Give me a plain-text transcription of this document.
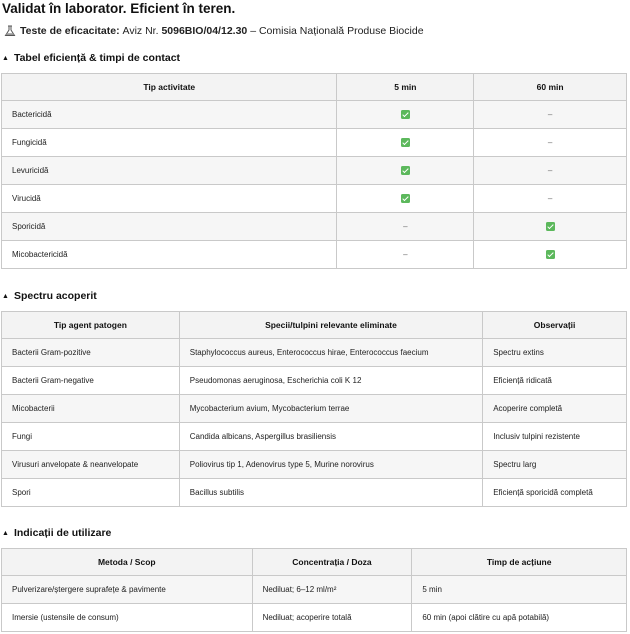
Validat în laborator. Eficient în teren.
Teste de eficacitate:
Aviz Nr.
5096BIO/04/12.30
– Comisia Națională Produse Biocide
▲ Tabel eficiență & timpi de contact
Tip activitate	5 min	60 min
Bactericidă		–
Fungicidă		–
Levuricidă		–
Virucidă		–
Sporicidă	–	
Micobactericidă	–	
▲ Spectru acoperit
Tip agent patogen	Specii/tulpini relevante eliminate	Observații
Bacterii Gram-pozitive	Staphylococcus aureus, Enterococcus hirae, Enterococcus faecium	Spectru extins
Bacterii Gram-negative	Pseudomonas aeruginosa, Escherichia coli K 12	Eficiență ridicată
Micobacterii	Mycobacterium avium, Mycobacterium terrae	Acoperire completă
Fungi	Candida albicans, Aspergillus brasiliensis	Inclusiv tulpini rezistente
Virusuri anvelopate & neanvelopate	Poliovirus tip 1, Adenovirus type 5, Murine norovirus	Spectru larg
Spori	Bacillus subtilis	Eficiență sporicidă completă
▲ Indicații de utilizare
Metoda / Scop	Concentrația / Doza	Timp de acțiune
Pulverizare/ștergere suprafețe & pavimente	Nediluat; 6–12 ml/m²	5 min
Imersie (ustensile de consum)	Nediluat; acoperire totală	60 min (apoi clătire cu apă potabilă)
